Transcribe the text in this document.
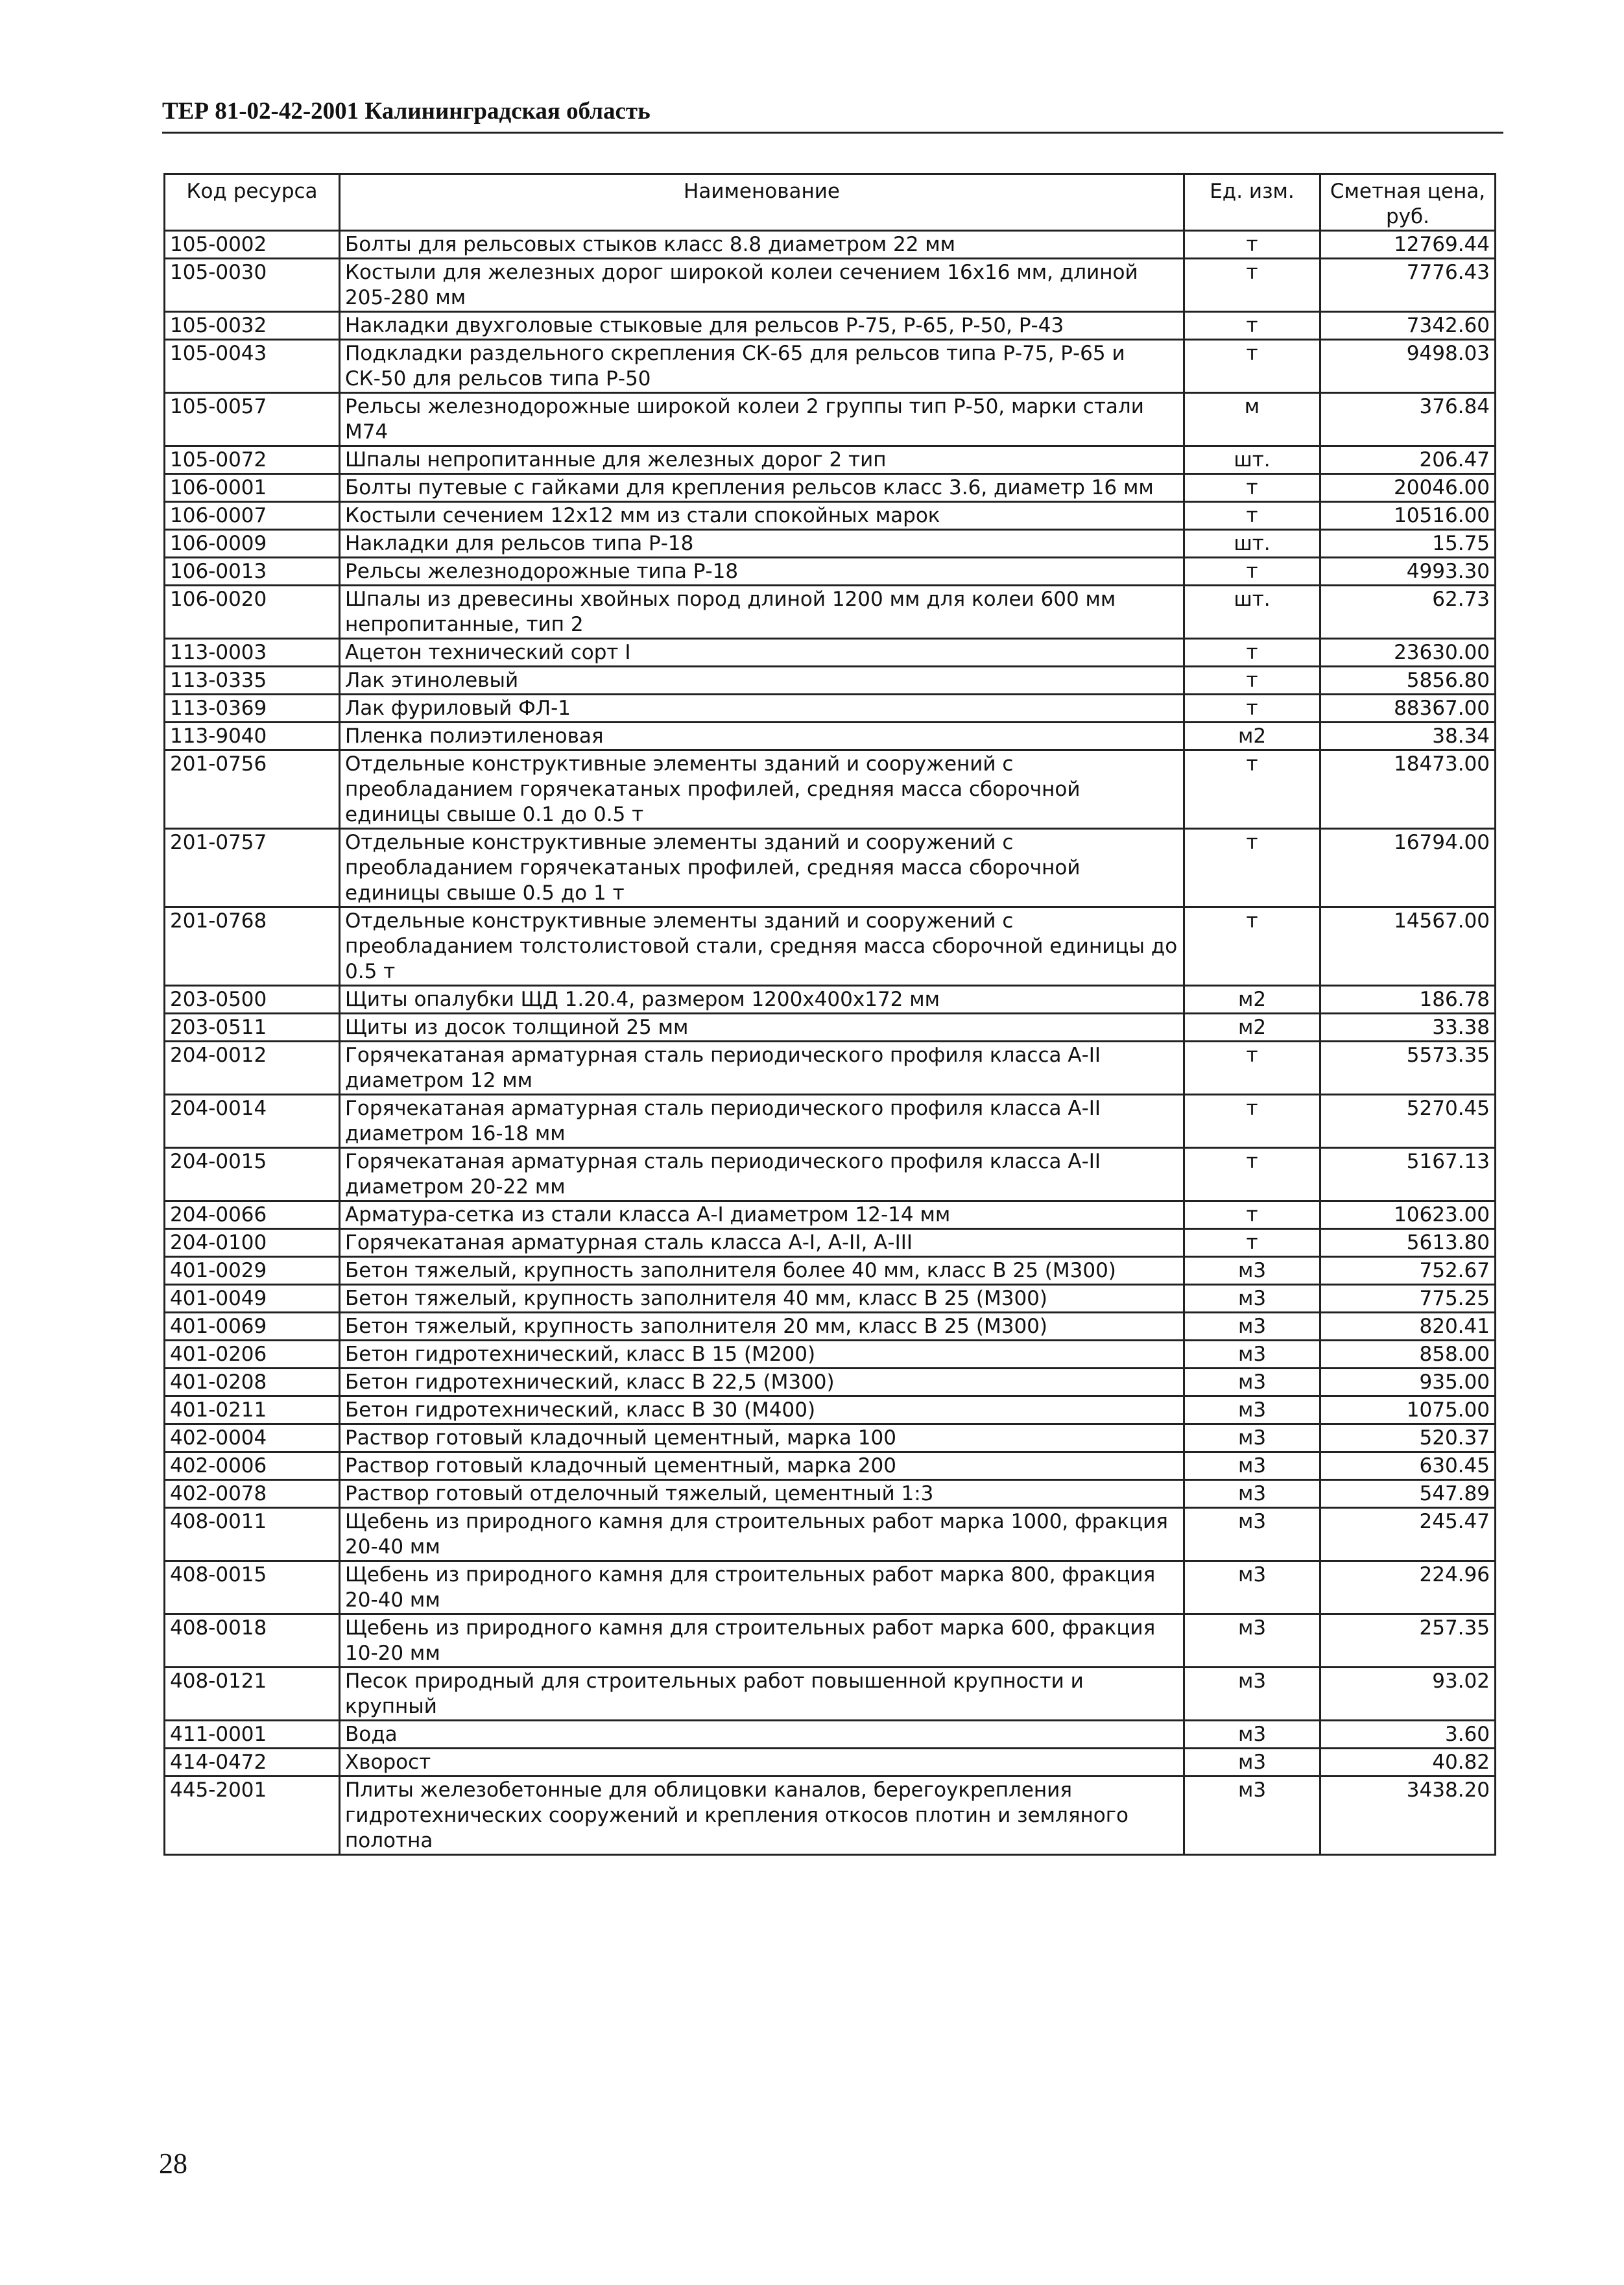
ТЕР 81-02-42-2001 Калининградская область
Код ресурса	Наименование	Ед. изм.	Сметная цена, руб.
105-0002	Болты для рельсовых стыков класс 8.8 диаметром 22 мм	т	12769.44
105-0030	Костыли для железных дорог широкой колеи сечением 16х16 мм, длиной 205-280 мм	т	7776.43
105-0032	Накладки двухголовые стыковые для рельсов Р-75, Р-65, Р-50, Р-43	т	7342.60
105-0043	Подкладки раздельного скрепления СК-65 для рельсов типа Р-75, Р-65 и СК-50 для рельсов типа Р-50	т	9498.03
105-0057	Рельсы железнодорожные широкой колеи 2 группы тип Р-50, марки стали М74	м	376.84
105-0072	Шпалы непропитанные для железных дорог 2 тип	шт.	206.47
106-0001	Болты путевые с гайками для крепления рельсов класс 3.6, диаметр 16 мм	т	20046.00
106-0007	Костыли сечением 12х12 мм из стали спокойных марок	т	10516.00
106-0009	Накладки для рельсов типа Р-18	шт.	15.75
106-0013	Рельсы железнодорожные типа Р-18	т	4993.30
106-0020	Шпалы из древесины хвойных пород длиной 1200 мм для колеи 600 мм непропитанные, тип 2	шт.	62.73
113-0003	Ацетон технический сорт I	т	23630.00
113-0335	Лак этинолевый	т	5856.80
113-0369	Лак фуриловый ФЛ-1	т	88367.00
113-9040	Пленка полиэтиленовая	м2	38.34
201-0756	Отдельные конструктивные элементы зданий и сооружений с преобладанием горячекатаных профилей, средняя масса сборочной единицы свыше 0.1 до 0.5 т	т	18473.00
201-0757	Отдельные конструктивные элементы зданий и сооружений с преобладанием горячекатаных профилей, средняя масса сборочной единицы свыше 0.5 до 1 т	т	16794.00
201-0768	Отдельные конструктивные элементы зданий и сооружений с преобладанием толстолистовой стали, средняя масса сборочной единицы до 0.5 т	т	14567.00
203-0500	Щиты опалубки ЩД 1.20.4, размером 1200х400х172 мм	м2	186.78
203-0511	Щиты из досок толщиной 25 мм	м2	33.38
204-0012	Горячекатаная арматурная сталь периодического профиля класса А-II диаметром 12 мм	т	5573.35
204-0014	Горячекатаная арматурная сталь периодического профиля класса А-II диаметром 16-18 мм	т	5270.45
204-0015	Горячекатаная арматурная сталь периодического профиля класса А-II диаметром 20-22 мм	т	5167.13
204-0066	Арматура-сетка из стали класса А-I диаметром 12-14 мм	т	10623.00
204-0100	Горячекатаная арматурная сталь класса А-I, А-II, А-III	т	5613.80
401-0029	Бетон тяжелый, крупность заполнителя более 40 мм, класс В 25 (М300)	м3	752.67
401-0049	Бетон тяжелый, крупность заполнителя 40 мм, класс В 25 (М300)	м3	775.25
401-0069	Бетон тяжелый, крупность заполнителя 20 мм, класс В 25 (М300)	м3	820.41
401-0206	Бетон гидротехнический, класс В 15 (М200)	м3	858.00
401-0208	Бетон гидротехнический, класс В 22,5 (М300)	м3	935.00
401-0211	Бетон гидротехнический, класс В 30 (М400)	м3	1075.00
402-0004	Раствор готовый кладочный цементный, марка 100	м3	520.37
402-0006	Раствор готовый кладочный цементный, марка 200	м3	630.45
402-0078	Раствор готовый отделочный тяжелый, цементный 1:3	м3	547.89
408-0011	Щебень из природного камня для строительных работ марка 1000, фракция 20-40 мм	м3	245.47
408-0015	Щебень из природного камня для строительных работ марка 800, фракция 20-40 мм	м3	224.96
408-0018	Щебень из природного камня для строительных работ марка 600, фракция 10-20 мм	м3	257.35
408-0121	Песок природный для строительных работ повышенной крупности и крупный	м3	93.02
411-0001	Вода	м3	3.60
414-0472	Хворост	м3	40.82
445-2001	Плиты железобетонные для облицовки каналов, берегоукрепления гидротехнических сооружений и крепления откосов плотин и земляного полотна	м3	3438.20
28
